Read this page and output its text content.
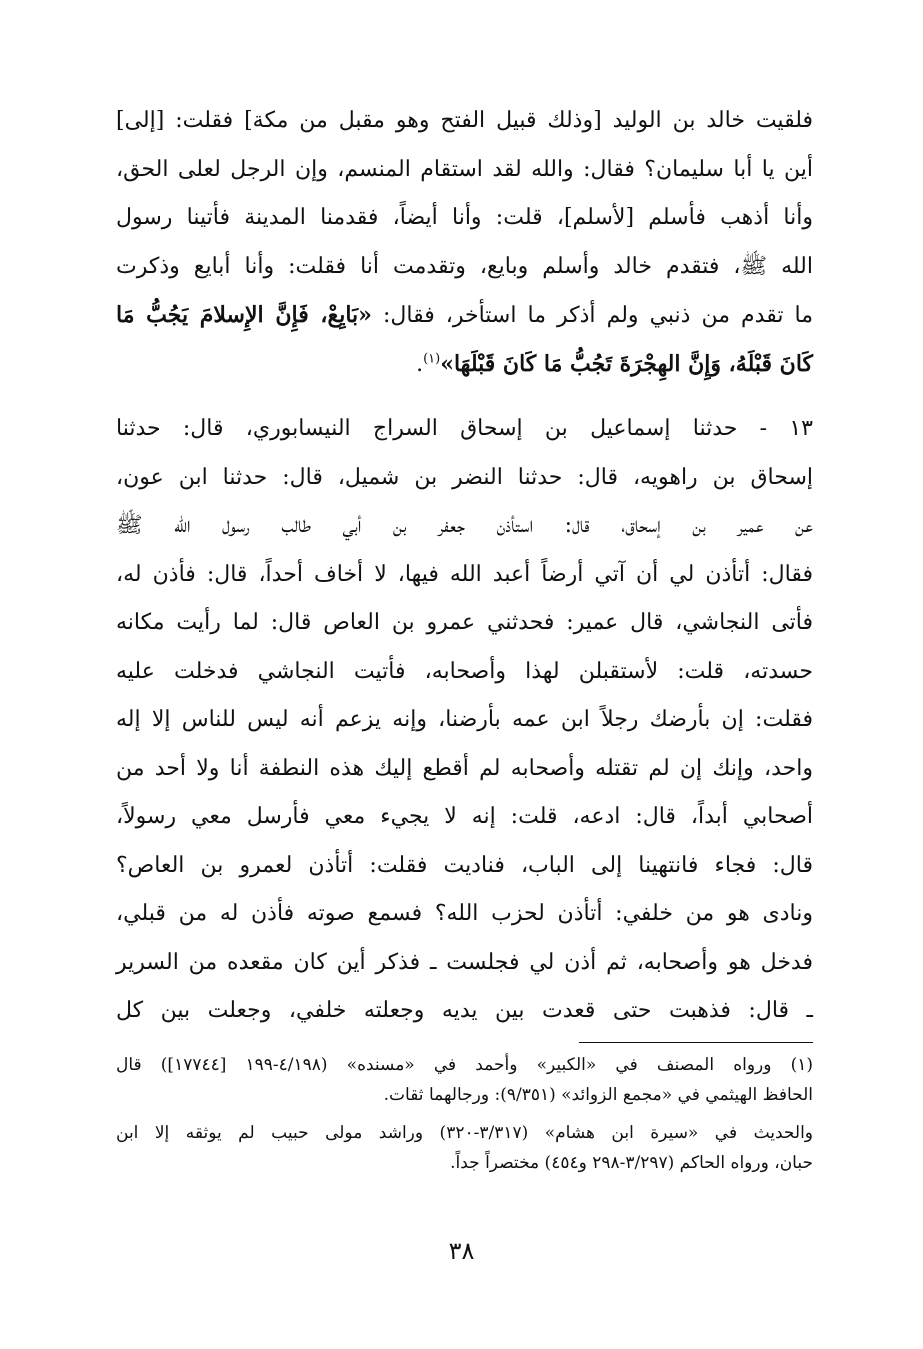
فلقيت خالد بن الوليد [وذلك قبيل الفتح وهو مقبل من مكة] فقلت: [إلى]
أين يا أبا سليمان؟ فقال: والله لقد استقام المنسم، وإن الرجل لعلى الحق،
وأنا أذهب فأسلم [لأسلم]، قلت: وأنا أيضاً، فقدمنا المدينة فأتينا رسول
الله ﷺ، فتقدم خالد وأسلم وبايع، وتقدمت أنا فقلت: وأنا أبايع وذكرت
ما تقدم من ذنبي ولم أذكر ما استأخر، فقال: «بَايِعْ، فَإِنَّ الإِسلامَ يَجُبُّ مَا
كَانَ قَبْلَهُ، وَإِنَّ الهِجْرَةَ تَجُبُّ مَا كَانَ قَبْلَهَا»$^{(١)}$.
١٣ - حدثنا إسماعيل بن إسحاق السراج النيسابوري، قال: حدثنا
إسحاق بن راهويه، قال: حدثنا النضر بن شميل، قال: حدثنا ابن عون،
عن عمير بن إسحاق، قال: استأذن جعفر بن أبي طالب رسول الله ﷺ
فقال: أتأذن لي أن آتي أرضاً أعبد الله فيها، لا أخاف أحداً، قال: فأذن له،
فأتى النجاشي، قال عمير: فحدثني عمرو بن العاص قال: لما رأيت مكانه
حسدته، قلت: لأستقبلن لهذا وأصحابه، فأتيت النجاشي فدخلت عليه
فقلت: إن بأرضك رجلاً ابن عمه بأرضنا، وإنه يزعم أنه ليس للناس إلا إله
واحد، وإنك إن لم تقتله وأصحابه لم أقطع إليك هذه النطفة أنا ولا أحد من
أصحابي أبداً، قال: ادعه، قلت: إنه لا يجيء معي فأرسل معي رسولاً،
قال: فجاء فانتهينا إلى الباب، فناديت فقلت: أتأذن لعمرو بن العاص؟
ونادى هو من خلفي: أتأذن لحزب الله؟ فسمع صوته فأذن له من قبلي،
فدخل هو وأصحابه، ثم أذن لي فجلست ـ فذكر أين كان مقعده من السرير
ـ قال: فذهبت حتى قعدت بين يديه وجعلته خلفي، وجعلت بين كل
(١) ورواه المصنف في «الكبير» وأحمد في «مسنده» (٤/١٩٨-١٩٩ [١٧٧٤٤]) قال
الحافظ الهيثمي في «مجمع الزوائد» (٩/٣٥١): ورجالهما ثقات.
والحديث في «سيرة ابن هشام» (٣/٣١٧-٣٢٠) وراشد مولى حبيب لم يوثقه إلا ابن
حبان، ورواه الحاكم (٣/٢٩٧-٢٩٨ و٤٥٤) مختصراً جداً.
٣٨
